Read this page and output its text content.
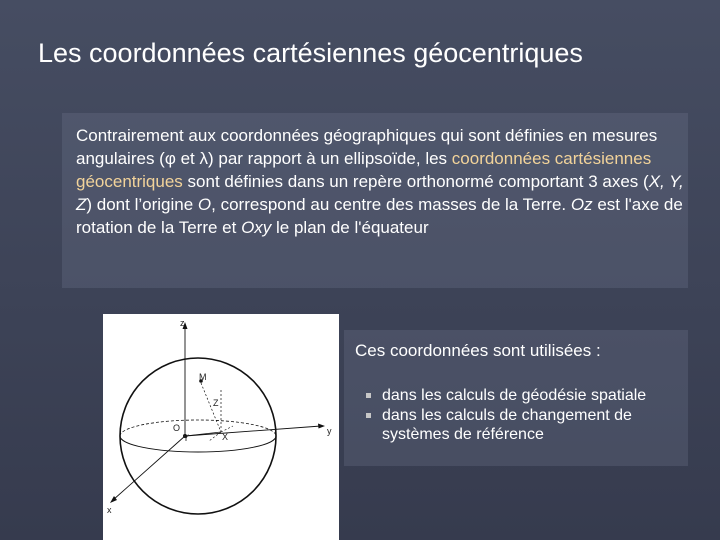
Les coordonnées cartésiennes géocentriques
Contrairement aux coordonnées géographiques qui sont définies en mesures angulaires (φ et λ) par rapport à un ellipsoïde, les coordonnées cartésiennes géocentriques sont définies dans un repère orthonormé comportant 3 axes (X, Y, Z) dont l’origine O, correspond au centre des masses de la Terre. Oz est l'axe de rotation de la Terre et Oxy le plan de l'équateur
z
y
x
M
Z
X
Y
O
Ces coordonnées sont utilisées :
dans les calculs de géodésie spatiale
dans les calculs de changement de systèmes de référence
